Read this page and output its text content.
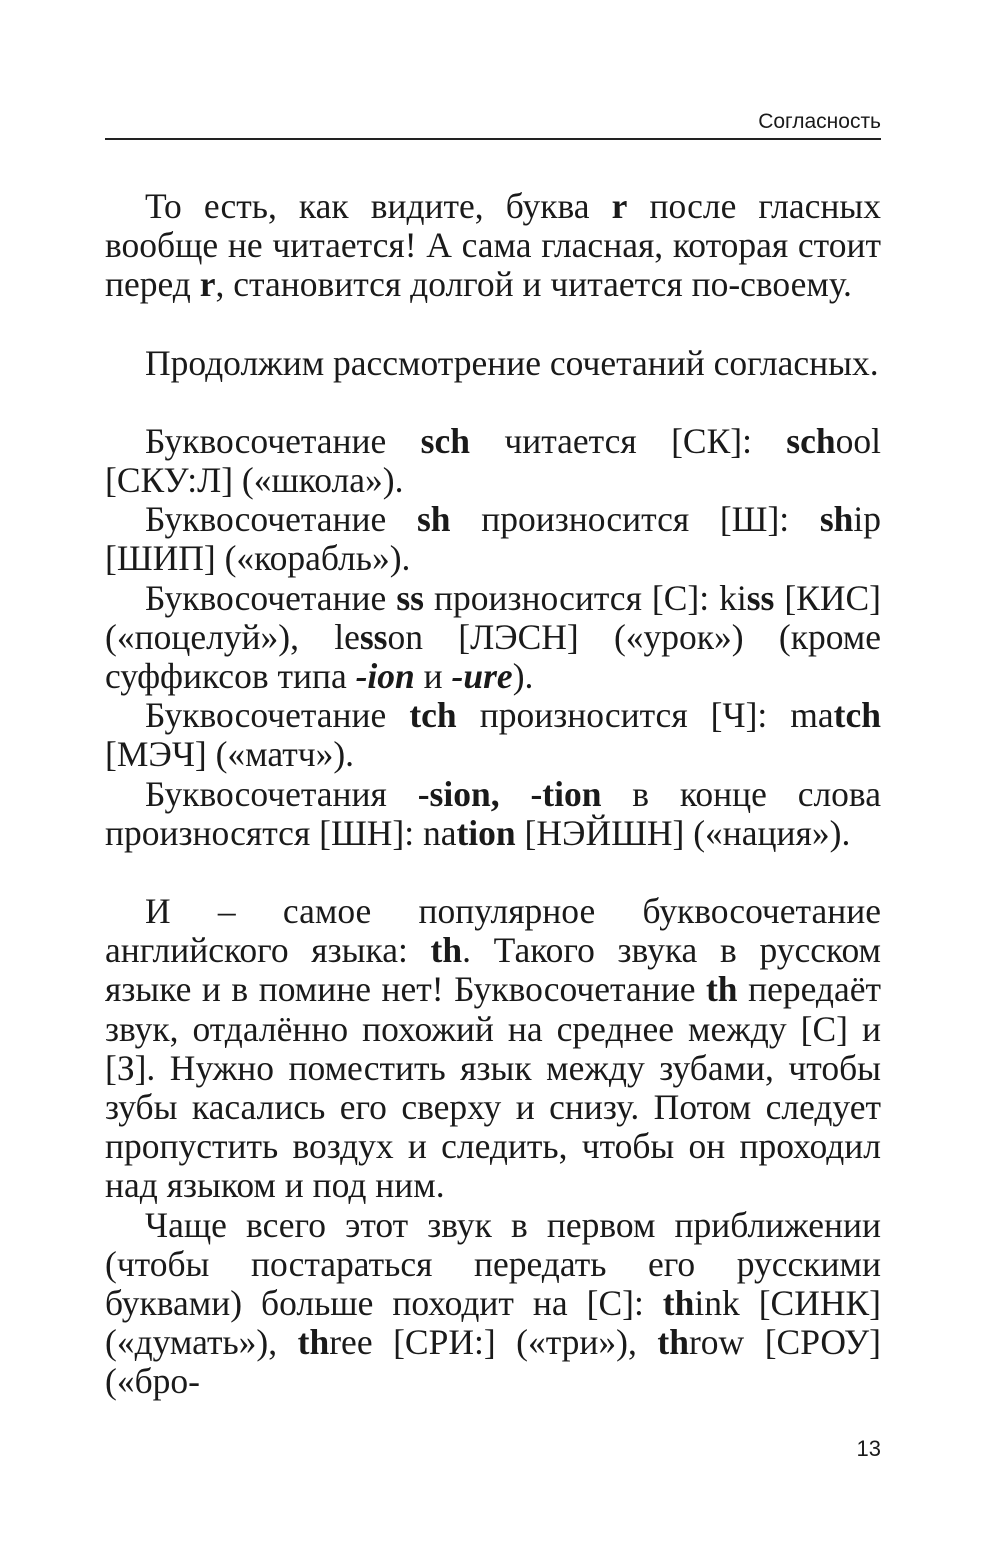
Согласность

То есть, как видите, буква r после гласных вообще не читается! А сама гласная, которая стоит перед r, становится долгой и читается по-своему.

Продолжим рассмотрение сочетаний согласных.

Буквосочетание sch читается [СК]: school [СКУ:Л] («школа»).

Буквосочетание sh произносится [Ш]: ship [ШИП] («корабль»).

Буквосочетание ss произносится [С]: kiss [КИС] («поцелуй»), lesson [ЛЭСН] («урок») (кроме суффиксов типа -ion и -ure).

Буквосочетание tch произносится [Ч]: match [МЭЧ] («матч»).

Буквосочетания -sion, -tion в конце слова произносятся [ШН]: nation [НЭЙШН] («нация»).

И – самое популярное буквосочетание английского языка: th. Такого звука в русском языке и в помине нет! Буквосочетание th передаёт звук, отдалённо похожий на среднее между [С] и [З]. Нужно поместить язык между зубами, чтобы зубы касались его сверху и снизу. Потом следует пропустить воздух и следить, чтобы он проходил над языком и под ним.

Чаще всего этот звук в первом приближении (чтобы постараться передать его русскими буквами) больше походит на [С]: think [СИНК] («думать»), three [СРИ:] («три»), throw [СРОУ] («бро-

13
